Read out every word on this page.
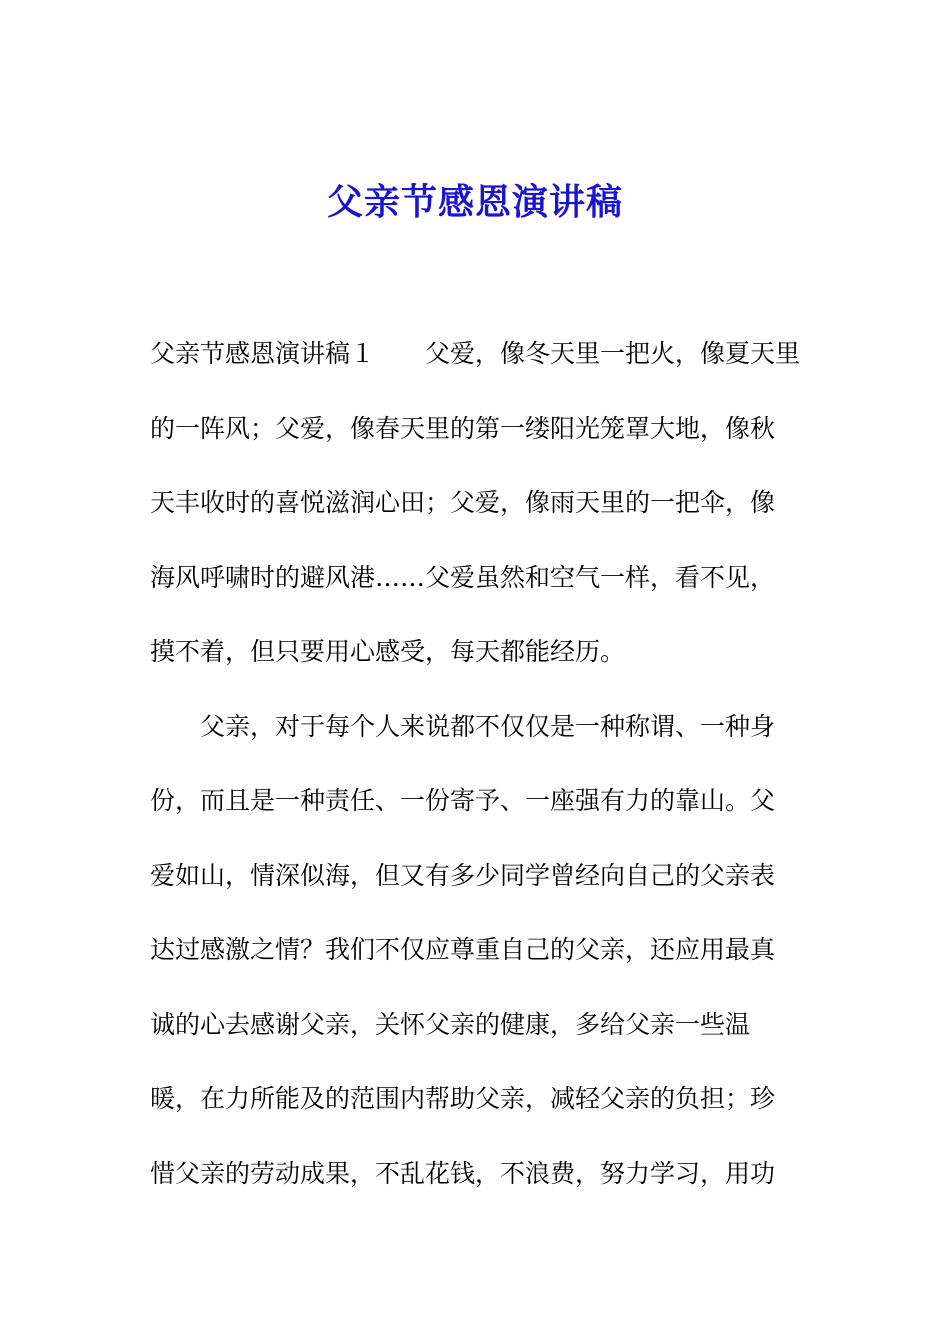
父亲节感恩演讲稿
父亲节感恩演讲稿１　　父爱，像冬天里一把火，像夏天里
的一阵风；父爱，像春天里的第一缕阳光笼罩大地，像秋
天丰收时的喜悦滋润心田；父爱，像雨天里的一把伞，像
海风呼啸时的避风港……父爱虽然和空气一样，看不见，
摸不着，但只要用心感受，每天都能经历。
　　父亲，对于每个人来说都不仅仅是一种称谓、一种身
份，而且是一种责任、一份寄予、一座强有力的靠山。父
爱如山，情深似海，但又有多少同学曾经向自己的父亲表
达过感激之情？我们不仅应尊重自己的父亲，还应用最真
诚的心去感谢父亲，关怀父亲的健康，多给父亲一些温
暖，在力所能及的范围内帮助父亲，减轻父亲的负担；珍
惜父亲的劳动成果，不乱花钱，不浪费，努力学习，用功
